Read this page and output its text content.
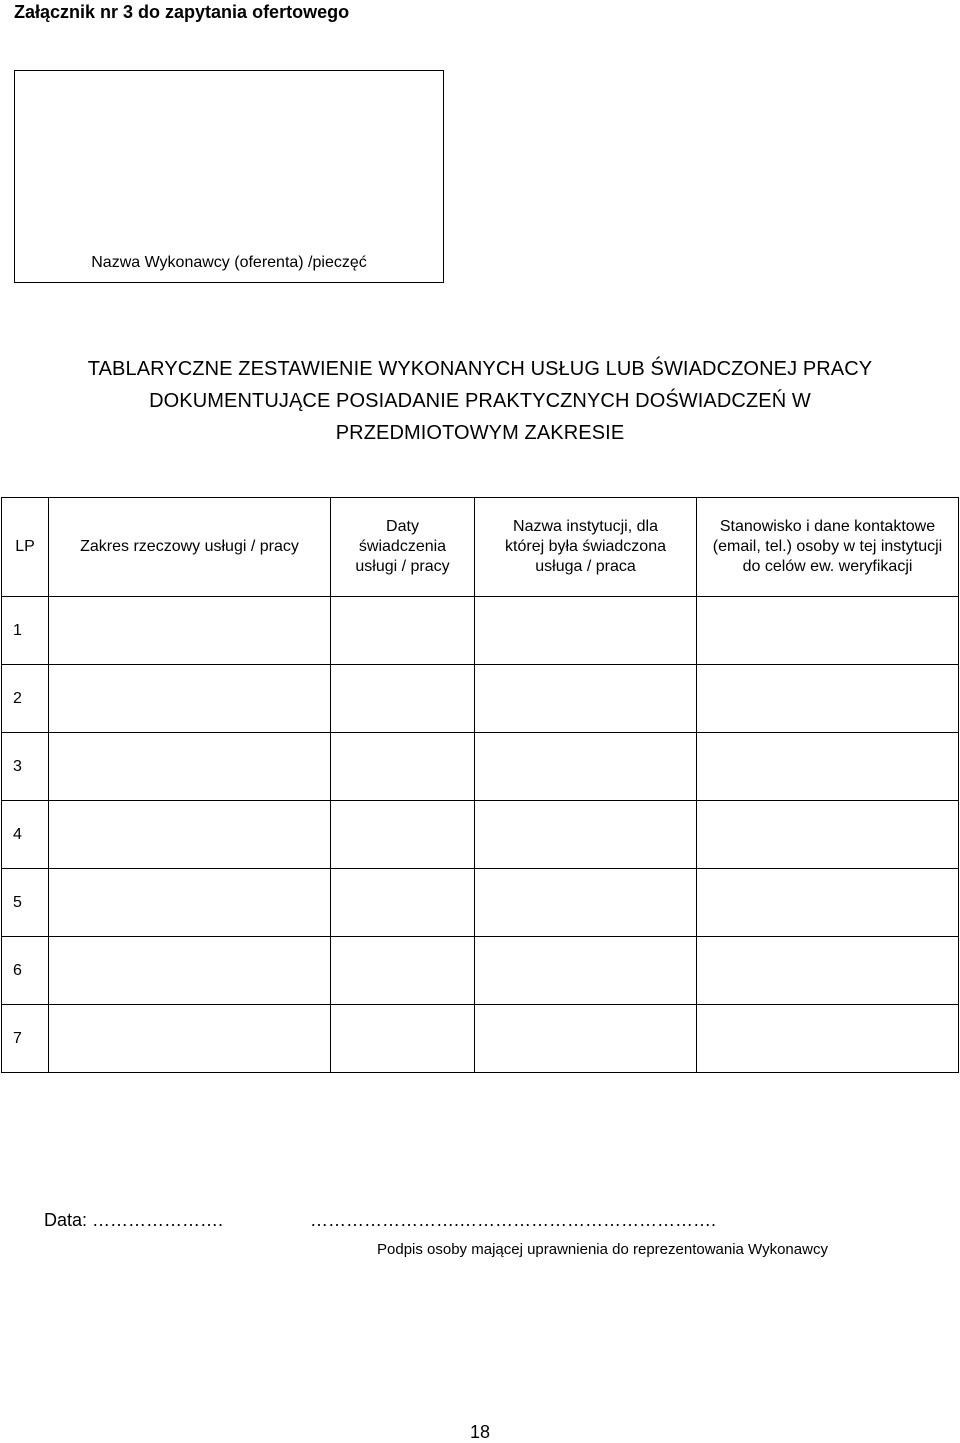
Załącznik nr 3 do zapytania ofertowego
Nazwa Wykonawcy (oferenta) /pieczęć
TABLARYCZNE ZESTAWIENIE WYKONANYCH USŁUG LUB ŚWIADCZONEJ PRACY
DOKUMENTUJĄCE POSIADANIE PRAKTYCZNYCH DOŚWIADCZEŃ W
PRZEDMIOTOWYM ZAKRESIE
LP	Zakres rzeczowy usługi / pracy	Daty świadczenia usługi / pracy	Nazwa instytucji, dla której była świadczona usługa / praca	Stanowisko i dane kontaktowe (email, tel.) osoby w tej instytucji do celów ew. weryfikacji
1				
2				
3				
4				
5				
6				
7				
Data: ………………….	…………………….…………………………………….
Podpis osoby mającej uprawnienia do reprezentowania Wykonawcy
18
